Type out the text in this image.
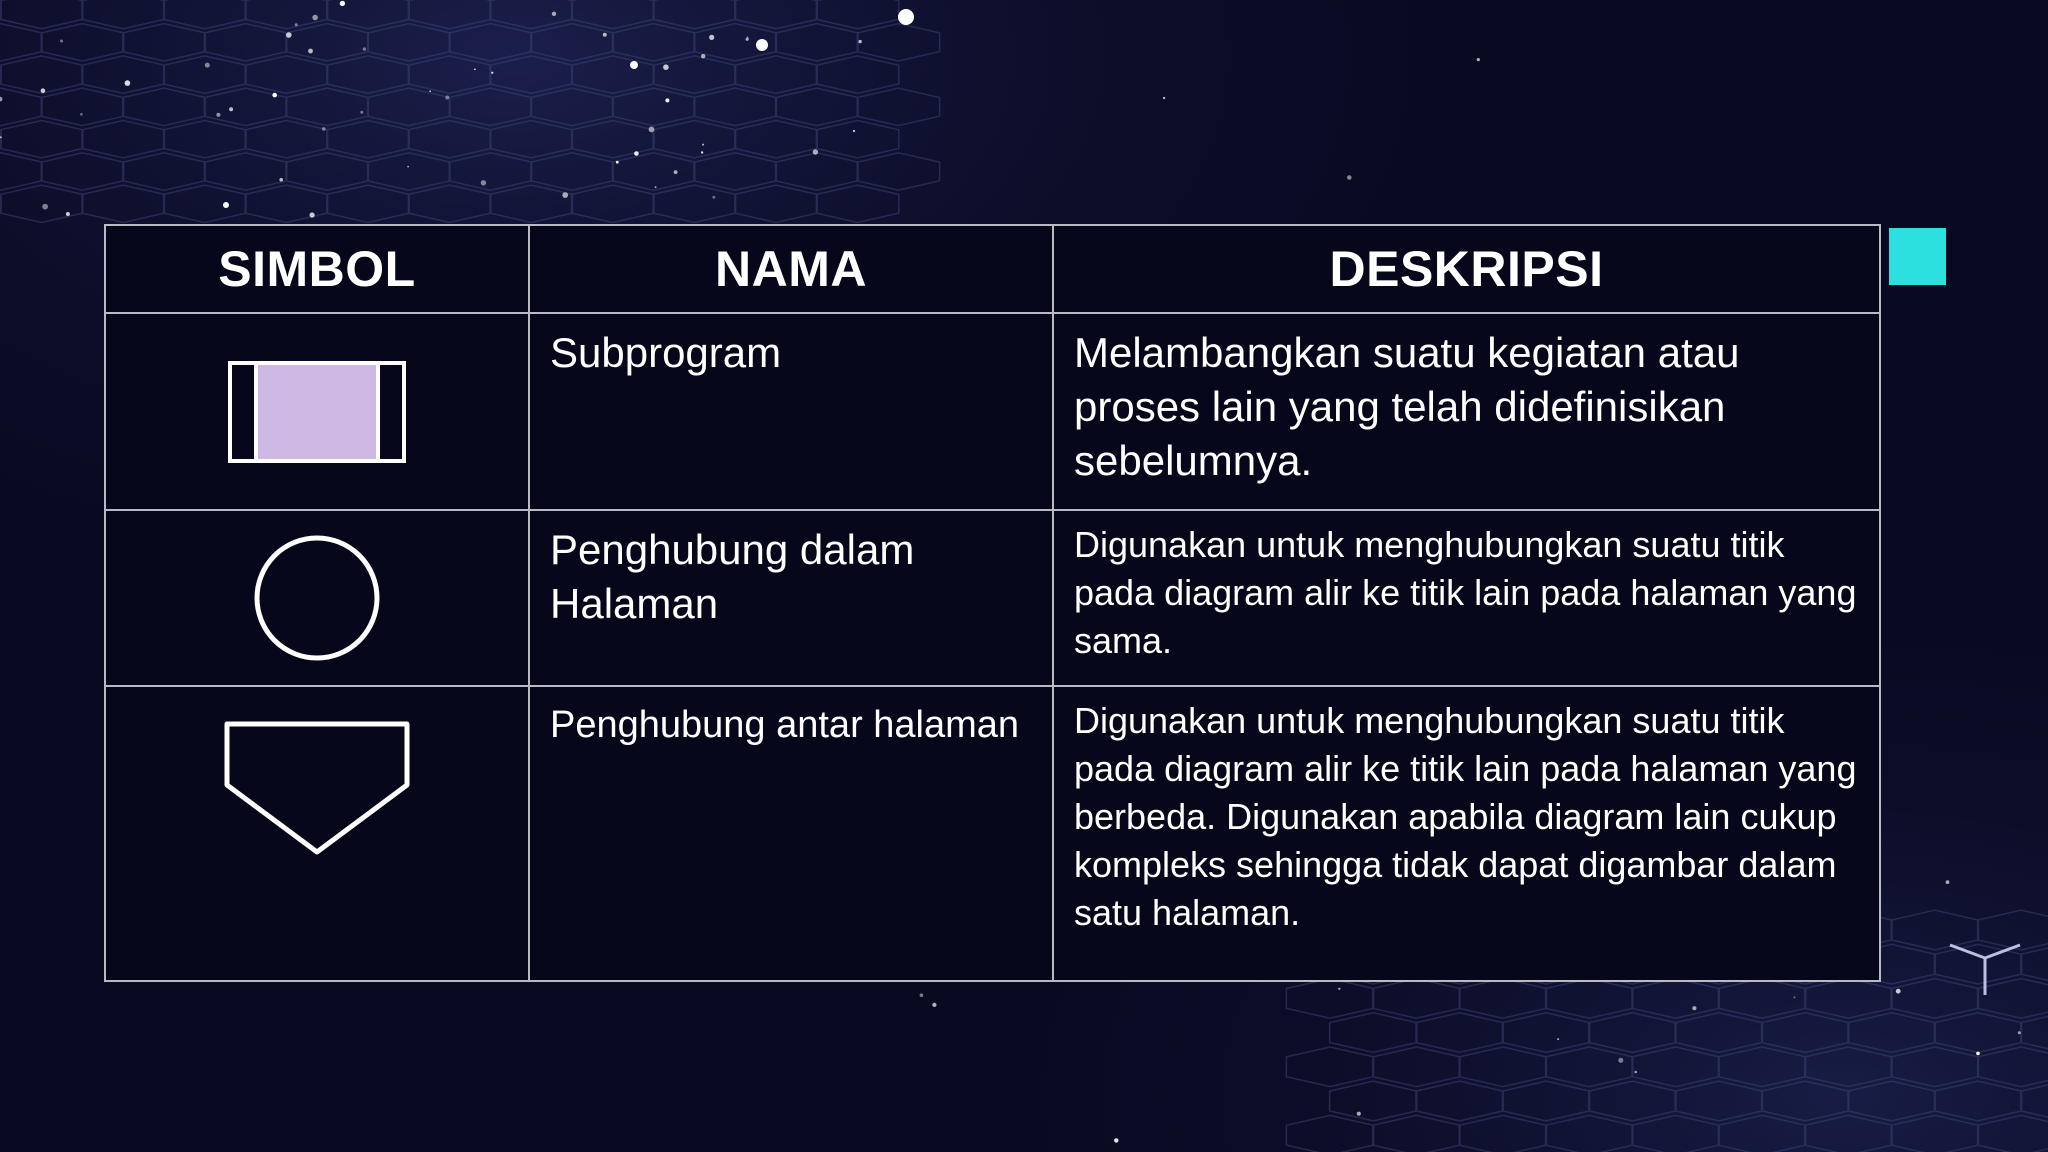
SIMBOL	NAMA	DESKRIPSI

	Subprogram	Melambangkan suatu kegiatan atau proses lain yang telah didefinisikan sebelumnya.

	Penghubung dalam Halaman	Digunakan untuk menghubungkan suatu titik pada diagram alir ke titik lain pada halaman yang sama.

	Penghubung antar halaman	Digunakan untuk menghubungkan suatu titik pada diagram alir ke titik lain pada halaman yang berbeda. Digunakan apabila diagram lain cukup kompleks sehingga tidak dapat digambar dalam satu halaman.
